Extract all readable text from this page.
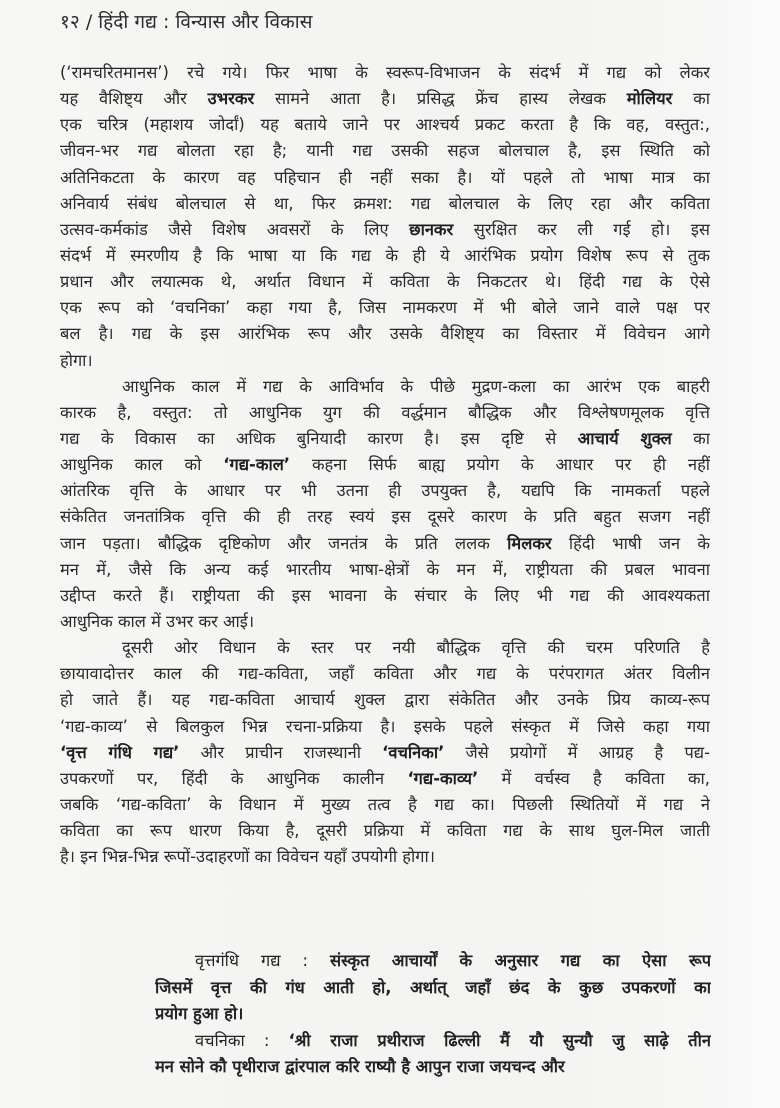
१२ / हिंदी गद्य : विन्यास और विकास
(‘रामचरितमानस’) रचे गये। फिर भाषा के स्वरूप-विभाजन के संदर्भ में गद्य को लेकर
यह वैशिष्ट्य और उभरकर सामने आता है। प्रसिद्ध फ्रेंच हास्य लेखक मोलियर का
एक चरित्र (महाशय जोर्दां) यह बताये जाने पर आश्चर्य प्रकट करता है कि वह, वस्तुत:,
जीवन-भर गद्य बोलता रहा है; यानी गद्य उसकी सहज बोलचाल है, इस स्थिति को
अतिनिकटता के कारण वह पहिचान ही नहीं सका है। यों पहले तो भाषा मात्र का
अनिवार्य संबंध बोलचाल से था, फिर क्रमश: गद्य बोलचाल के लिए रहा और कविता
उत्सव-कर्मकांड जैसे विशेष अवसरों के लिए छानकर सुरक्षित कर ली गई हो। इस
संदर्भ में स्मरणीय है कि भाषा या कि गद्य के ही ये आरंभिक प्रयोग विशेष रूप से तुक
प्रधान और लयात्मक थे, अर्थात विधान में कविता के निकटतर थे। हिंदी गद्य के ऐसे
एक रूप को ‘वचनिका’ कहा गया है, जिस नामकरण में भी बोले जाने वाले पक्ष पर
बल है। गद्य के इस आरंभिक रूप और उसके वैशिष्ट्य का विस्तार में विवेचन आगे
होगा।
आधुनिक काल में गद्य के आविर्भाव के पीछे मुद्रण-कला का आरंभ एक बाहरी
कारक है, वस्तुत: तो आधुनिक युग की वर्द्धमान बौद्धिक और विश्लेषणमूलक वृत्ति
गद्य के विकास का अधिक बुनियादी कारण है। इस दृष्टि से आचार्य शुक्ल का
आधुनिक काल को ‘गद्य-काल’ कहना सिर्फ बाह्य प्रयोग के आधार पर ही नहीं
आंतरिक वृत्ति के आधार पर भी उतना ही उपयुक्त है, यद्यपि कि नामकर्ता पहले
संकेतित जनतांत्रिक वृत्ति की ही तरह स्वयं इस दूसरे कारण के प्रति बहुत सजग नहीं
जान पड़ता। बौद्धिक दृष्टिकोण और जनतंत्र के प्रति ललक मिलकर हिंदी भाषी जन के
मन में, जैसे कि अन्य कई भारतीय भाषा-क्षेत्रों के मन में, राष्ट्रीयता की प्रबल भावना
उद्दीप्त करते हैं। राष्ट्रीयता की इस भावना के संचार के लिए भी गद्य की आवश्यकता
आधुनिक काल में उभर कर आई।
दूसरी ओर विधान के स्तर पर नयी बौद्धिक वृत्ति की चरम परिणति है
छायावादोत्तर काल की गद्य-कविता, जहाँ कविता और गद्य के परंपरागत अंतर विलीन
हो जाते हैं। यह गद्य-कविता आचार्य शुक्ल द्वारा संकेतित और उनके प्रिय काव्य-रूप
‘गद्य-काव्य’ से बिलकुल भिन्न रचना-प्रक्रिया है। इसके पहले संस्कृत में जिसे कहा गया
‘वृत्त गंधि गद्य’ और प्राचीन राजस्थानी ‘वचनिका’ जैसे प्रयोगों में आग्रह है पद्य-
उपकरणों पर, हिंदी के आधुनिक कालीन ‘गद्य-काव्य’ में वर्चस्व है कविता का,
जबकि ‘गद्य-कविता’ के विधान में मुख्य तत्व है गद्य का। पिछली स्थितियों में गद्य ने
कविता का रूप धारण किया है, दूसरी प्रक्रिया में कविता गद्य के साथ घुल-मिल जाती
है। इन भिन्न-भिन्न रूपों-उदाहरणों का विवेचन यहाँ उपयोगी होगा।
वृत्तगंधि गद्य : संस्कृत आचार्यों के अनुसार गद्य का ऐसा रूप
जिसमें वृत्त की गंध आती हो, अर्थात् जहाँ छंद के कुछ उपकरणों का
प्रयोग हुआ हो।
वचनिका : ‘श्री राजा प्रथीराज ढिल्ली मैं यौ सुन्यौ जु साढ़े तीन
मन सोने कौ पृथीराज द्वांरपाल करि राष्यौ है आपुन राजा जयचन्द और
